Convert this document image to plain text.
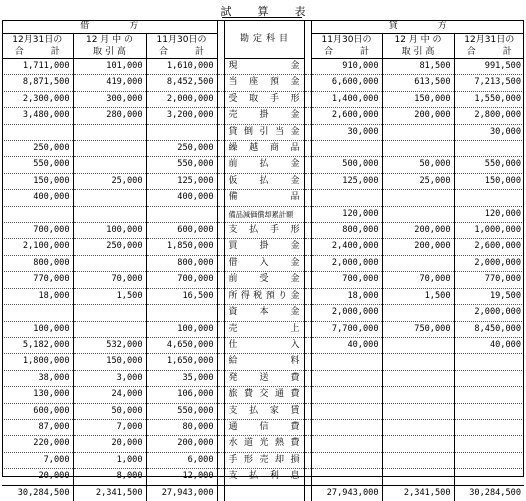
試算表
借方				勘定科目		貸方		
12月31日の	12 月 中 の	11月30日の				11月30日の	12 月 中 の	12月31日の
合　　　計	取 引 高	合　　　計				合　　　計	取 引 高	合　　　計
1,711,000	101,000	1,610,000		現金		910,000	81,500	991,500
8,871,500	419,000	8,452,500		当座預金		6,600,000	613,500	7,213,500
2,300,000	300,000	2,000,000		受取手形		1,400,000	150,000	1,550,000
3,480,000	280,000	3,200,000		売掛金		2,600,000	200,000	2,800,000
				貸倒引当金		30,000		30,000
250,000		250,000		繰越商品				
550,000		550,000		前払金		500,000	50,000	550,000
150,000	25,000	125,000		仮払金		125,000	25,000	150,000
400,000		400,000		備品				
				備品減価償却累計額		120,000		120,000
700,000	100,000	600,000		支払手形		800,000	200,000	1,000,000
2,100,000	250,000	1,850,000		買掛金		2,400,000	200,000	2,600,000
800,000		800,000		借入金		2,000,000		2,000,000
770,000	70,000	700,000		前受金		700,000	70,000	770,000
18,000	1,500	16,500		所得税預り金		18,000	1,500	19,500
				資本金		2,000,000		2,000,000
100,000		100,000		売上		7,700,000	750,000	8,450,000
5,182,000	532,000	4,650,000		仕入		40,000		40,000
1,800,000	150,000	1,650,000		給料				
38,000	3,000	35,000		発送費				
130,000	24,000	106,000		旅費交通費				
600,000	50,000	550,000		支払家賃				
87,000	7,000	80,000		通信費				
220,000	20,000	200,000		水道光熱費				
7,000	1,000	6,000		手形売却損				
20,000	8,000	12,000		支払利息				
30,284,500	2,341,500	27,943,000				27,943,000	2,341,500	30,284,500
